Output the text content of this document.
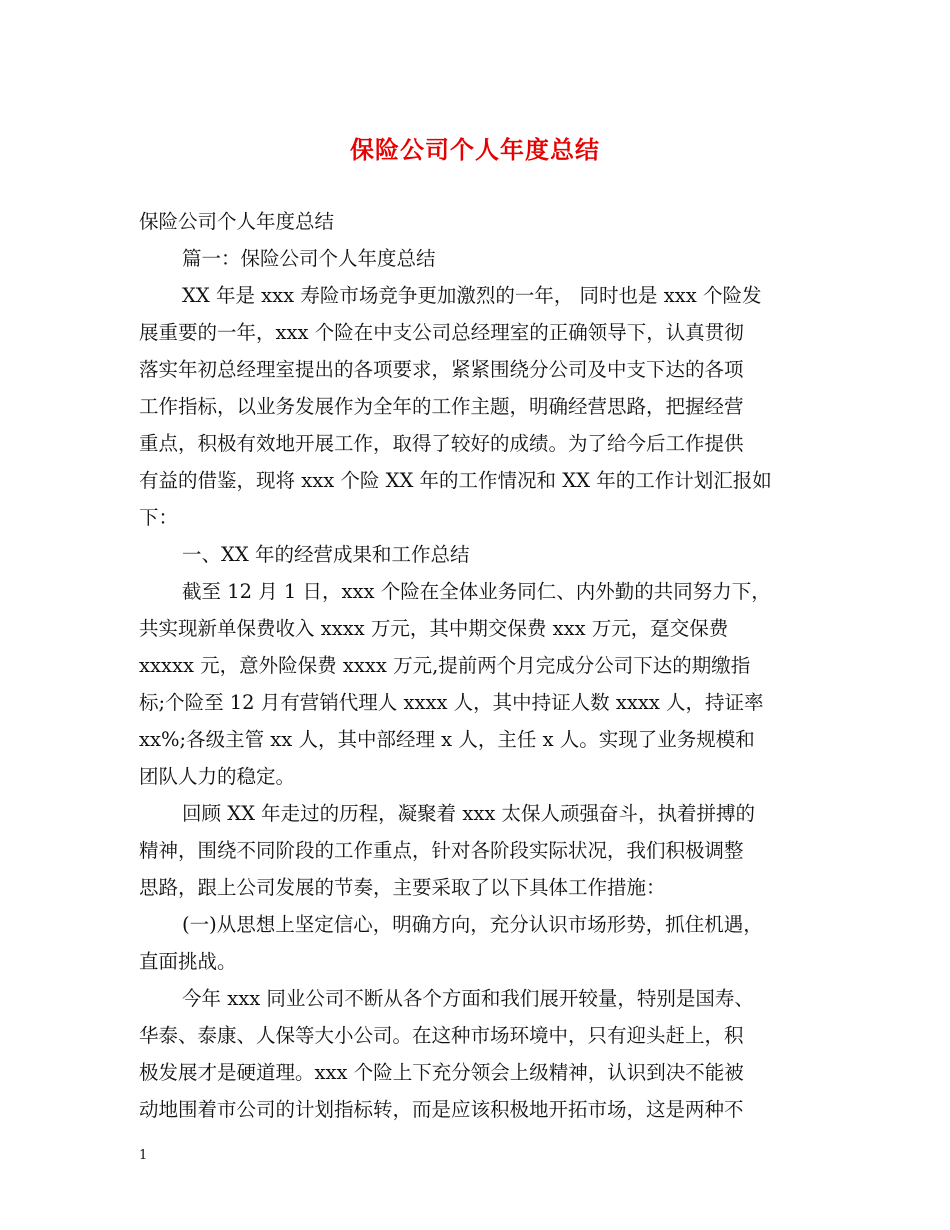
保险公司个人年度总结
保险公司个人年度总结
篇一：保险公司个人年度总结
XX 年是 xxx 寿险市场竞争更加激烈的一年， 同时也是 xxx 个险发
展重要的一年，xxx 个险在中支公司总经理室的正确领导下，认真贯彻
落实年初总经理室提出的各项要求，紧紧围绕分公司及中支下达的各项
工作指标，以业务发展作为全年的工作主题，明确经营思路，把握经营
重点，积极有效地开展工作，取得了较好的成绩。为了给今后工作提供
有益的借鉴，现将 xxx 个险 XX 年的工作情况和 XX 年的工作计划汇报如
下：
一、XX 年的经营成果和工作总结
截至 12 月 1 日，xxx 个险在全体业务同仁、内外勤的共同努力下，
共实现新单保费收入 xxxx 万元，其中期交保费 xxx 万元，趸交保费
xxxxx 元，意外险保费 xxxx 万元,提前两个月完成分公司下达的期缴指
标;个险至 12 月有营销代理人 xxxx 人，其中持证人数 xxxx 人，持证率
xx%;各级主管 xx 人，其中部经理 x 人，主任 x 人。实现了业务规模和
团队人力的稳定。
回顾 XX 年走过的历程，凝聚着 xxx 太保人顽强奋斗，执着拼搏的
精神，围绕不同阶段的工作重点，针对各阶段实际状况，我们积极调整
思路，跟上公司发展的节奏，主要采取了以下具体工作措施：
(一)从思想上坚定信心，明确方向，充分认识市场形势，抓住机遇，
直面挑战。
今年 xxx 同业公司不断从各个方面和我们展开较量，特别是国寿、
华泰、泰康、人保等大小公司。在这种市场环境中，只有迎头赶上，积
极发展才是硬道理。xxx 个险上下充分领会上级精神，认识到决不能被
动地围着市公司的计划指标转，而是应该积极地开拓市场，这是两种不
1
